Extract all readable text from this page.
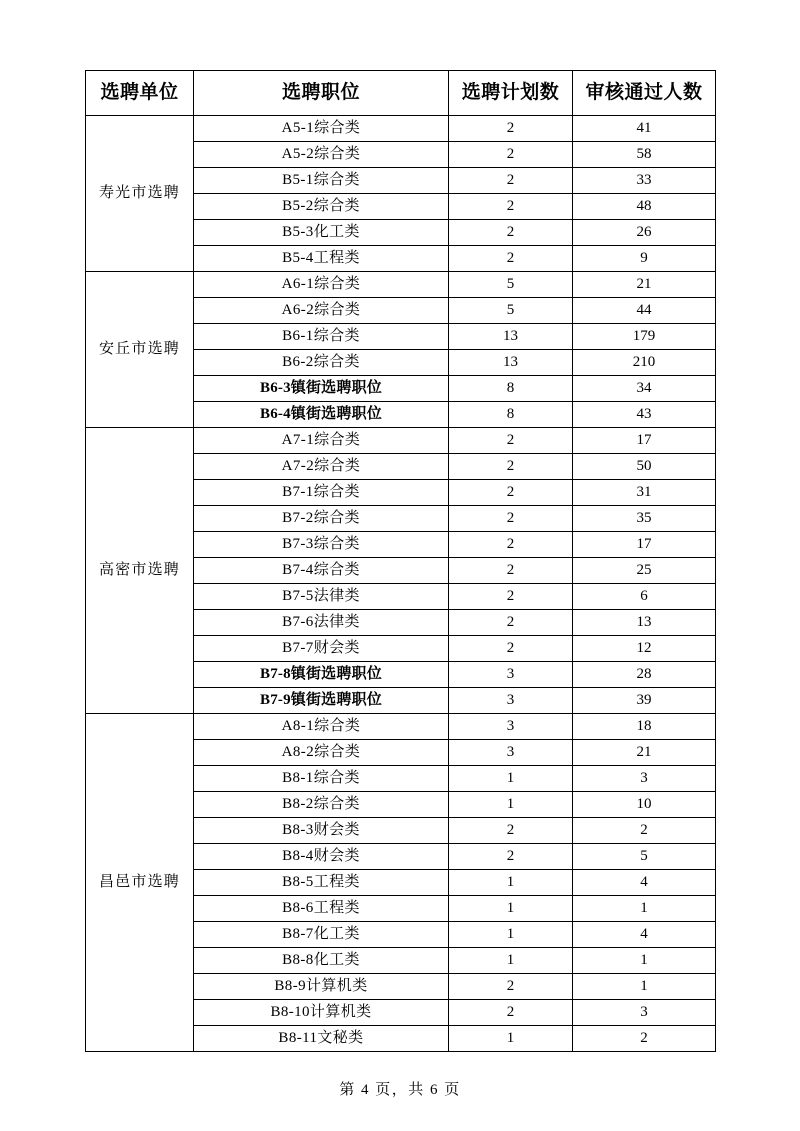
选聘单位	选聘职位	选聘计划数	审核通过人数
寿光市选聘	A5-1综合类	2	41
	A5-2综合类	2	58
	B5-1综合类	2	33
	B5-2综合类	2	48
	B5-3化工类	2	26
	B5-4工程类	2	9
安丘市选聘	A6-1综合类	5	21
	A6-2综合类	5	44
	B6-1综合类	13	179
	B6-2综合类	13	210
	B6-3镇街选聘职位	8	34
	B6-4镇街选聘职位	8	43
高密市选聘	A7-1综合类	2	17
	A7-2综合类	2	50
	B7-1综合类	2	31
	B7-2综合类	2	35
	B7-3综合类	2	17
	B7-4综合类	2	25
	B7-5法律类	2	6
	B7-6法律类	2	13
	B7-7财会类	2	12
	B7-8镇街选聘职位	3	28
	B7-9镇街选聘职位	3	39
昌邑市选聘	A8-1综合类	3	18
	A8-2综合类	3	21
	B8-1综合类	1	3
	B8-2综合类	1	10
	B8-3财会类	2	2
	B8-4财会类	2	5
	B8-5工程类	1	4
	B8-6工程类	1	1
	B8-7化工类	1	4
	B8-8化工类	1	1
	B8-9计算机类	2	1
	B8-10计算机类	2	3
	B8-11文秘类	1	2
第 4 页，共 6 页
